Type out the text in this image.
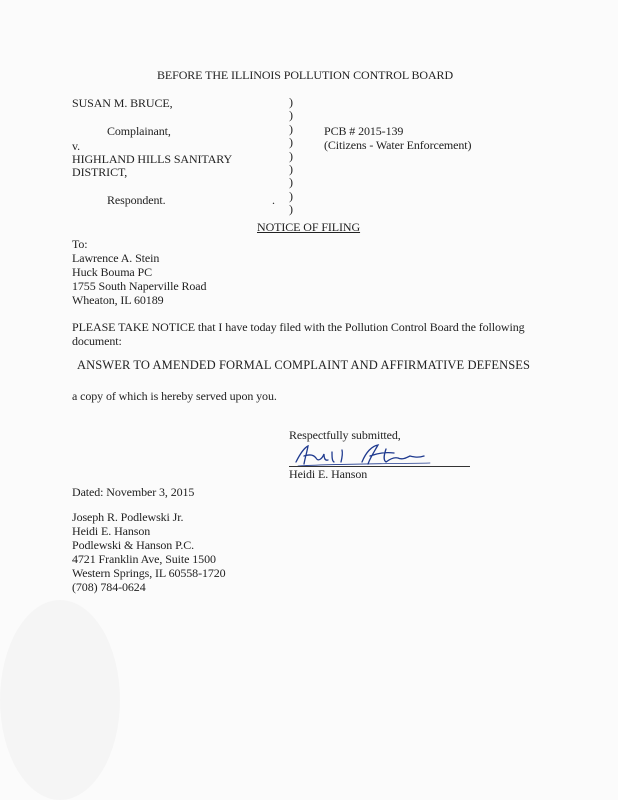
BEFORE THE ILLINOIS POLLUTION CONTROL BOARD
SUSAN M. BRUCE,
Complainant,
v.
HIGHLAND HILLS SANITARY
DISTRICT,
Respondent.	.
)
)
)
)
)
)
)
)
)
PCB # 2015-139
(Citizens - Water Enforcement)
NOTICE OF FILING
To:
Lawrence A. Stein
Huck Bouma PC
1755 South Naperville Road
Wheaton, IL 60189
PLEASE TAKE NOTICE that I have today filed with the Pollution Control Board the following
document:
ANSWER TO AMENDED FORMAL COMPLAINT AND AFFIRMATIVE DEFENSES
a copy of which is hereby served upon you.
Respectfully submitted,
Heidi E. Hanson
Dated: November 3, 2015
Joseph R. Podlewski Jr.
Heidi E. Hanson
Podlewski & Hanson P.C.
4721 Franklin Ave, Suite 1500
Western Springs, IL 60558-1720
(708) 784-0624
